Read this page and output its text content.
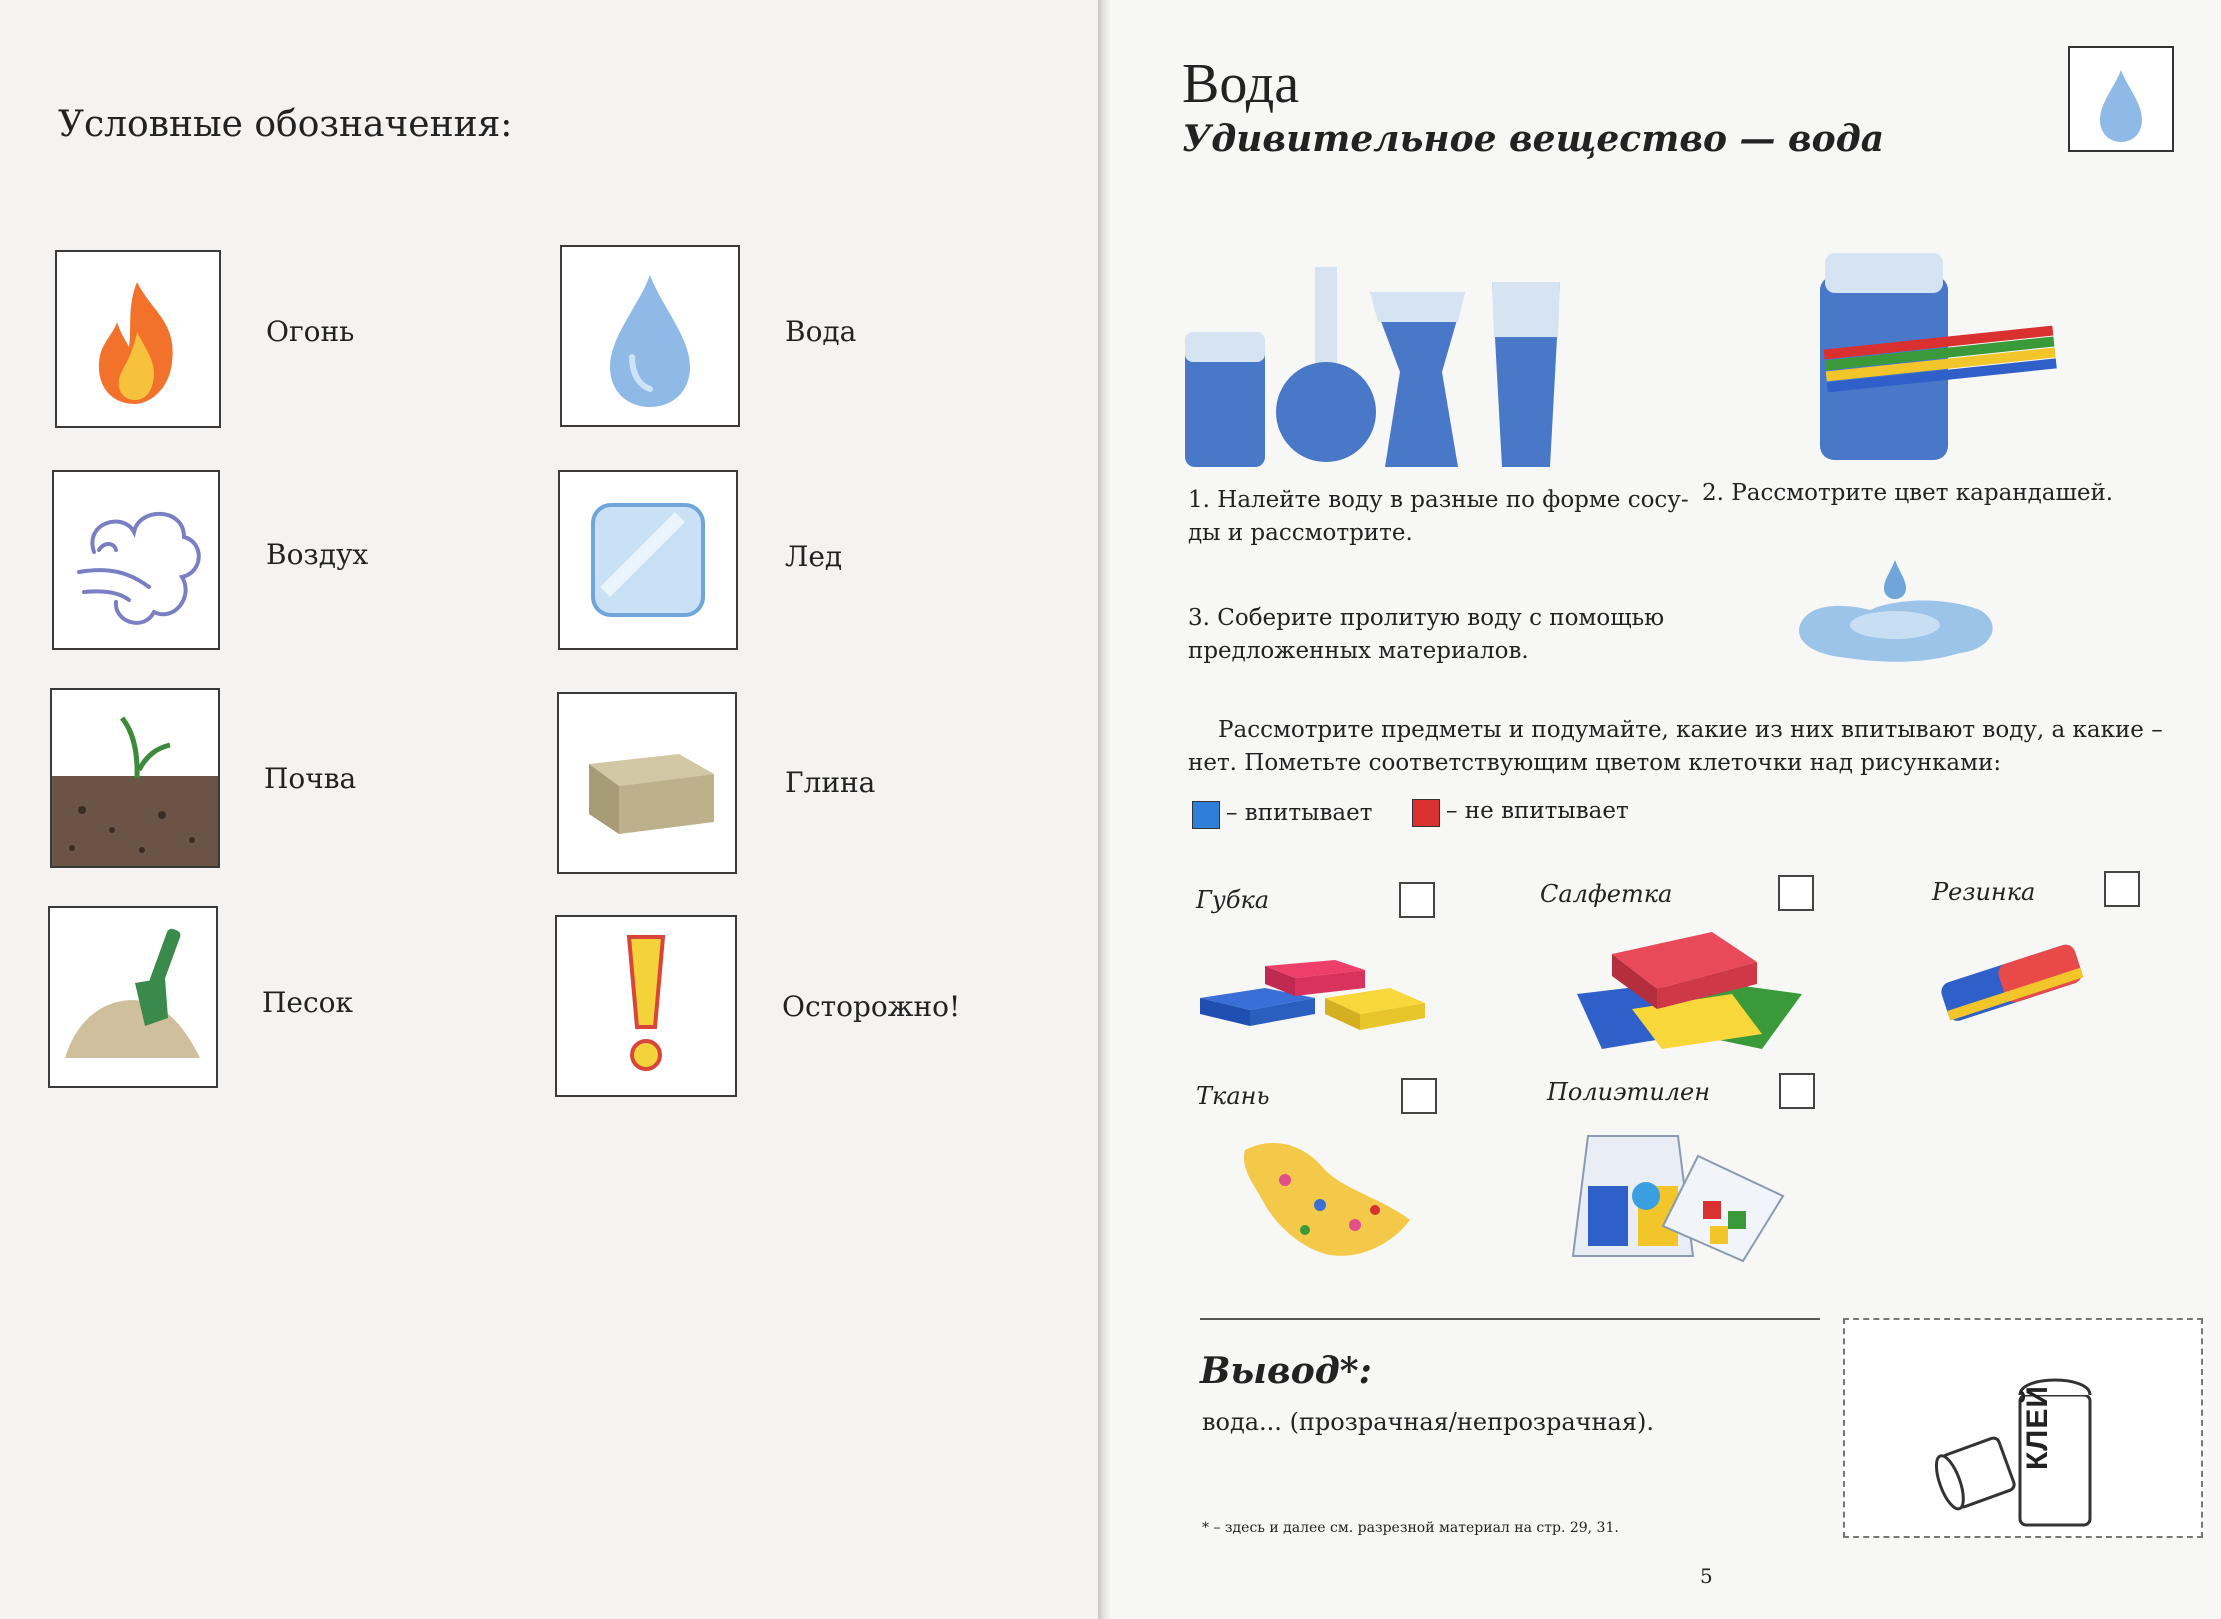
Условные обозначения:
Огонь	Вода
Воздух	Лед
Почва	Глина
Песок	Осторожно!
Вода
Удивительное вещество — вода
1. Налейте воду в разные по форме сосу-
ды и рассмотрите.
2. Рассмотрите цвет карандашей.
3. Соберите пролитую воду с помощью
предложенных материалов.
Рассмотрите предметы и подумайте, какие из них впитывают воду, а какие –
нет. Пометьте соответствующим цветом клеточки над рисунками:
– впитывает	– не впитывает
Губка	Салфетка	Резинка
Ткань	Полиэтилен
Вывод*:
вода... (прозрачная/непрозрачная).
* – здесь и далее см. разрезной материал на стр. 29, 31.
КЛЕЙ
5
